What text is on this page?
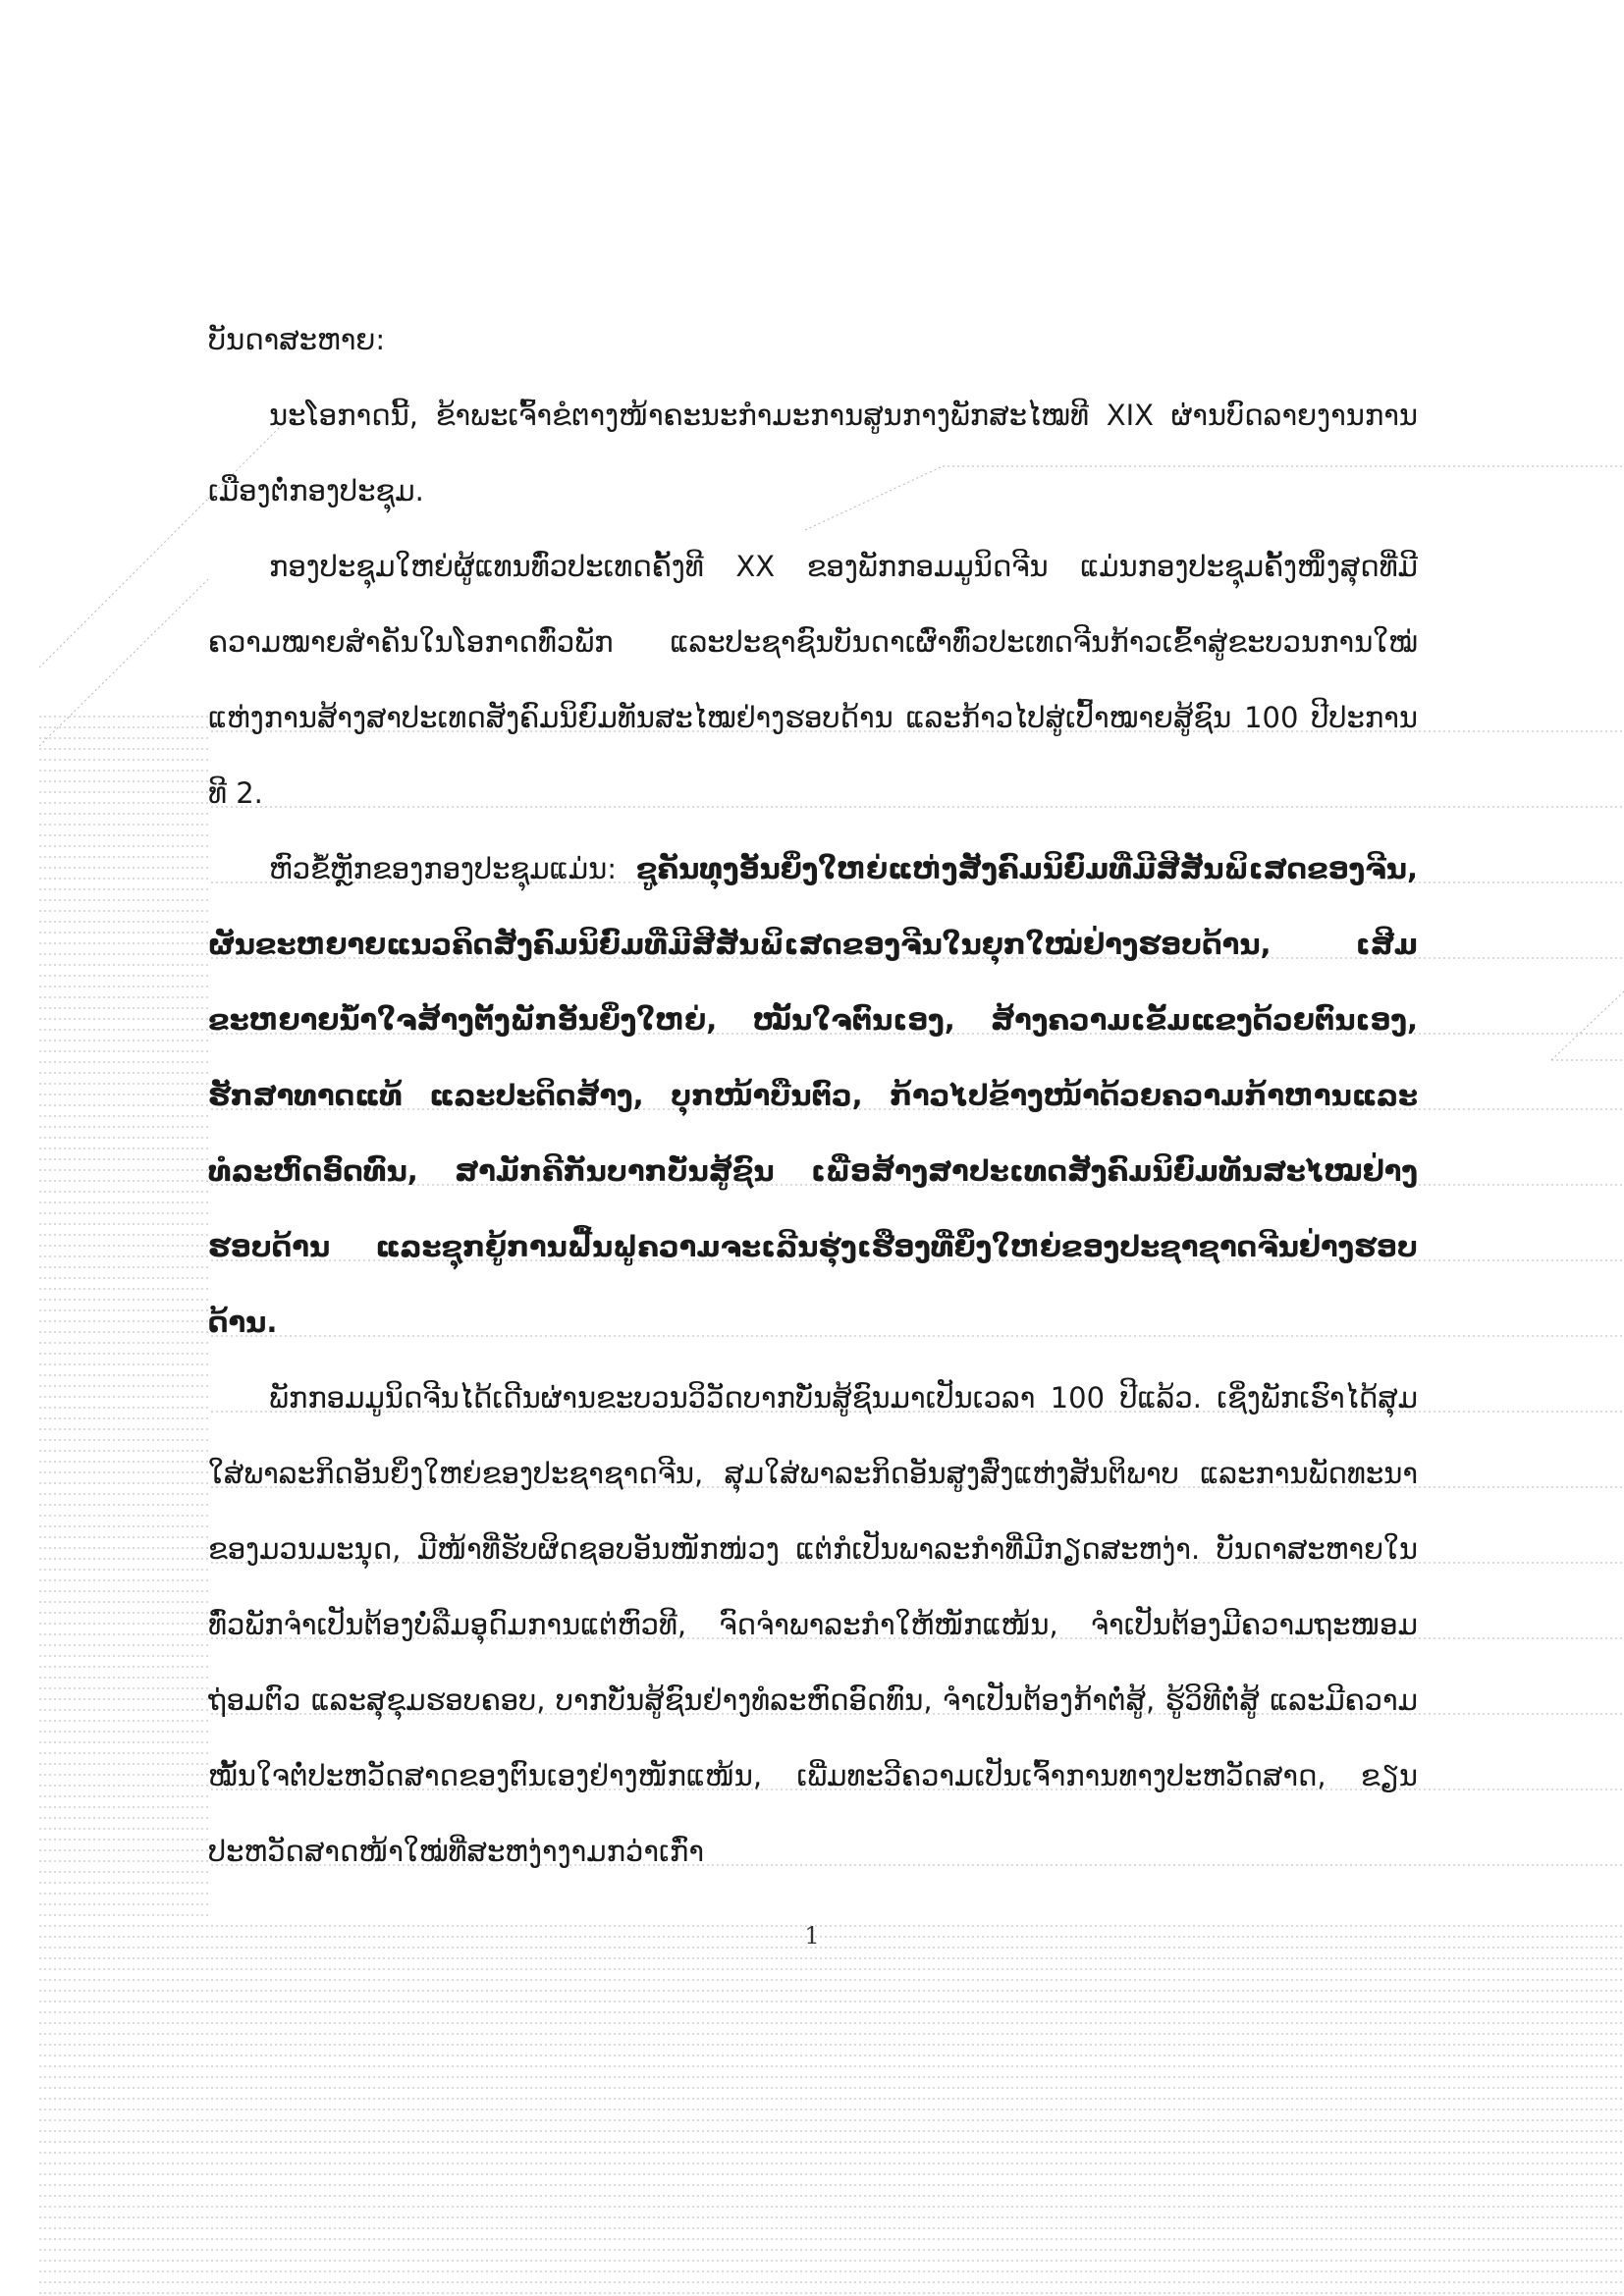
ບັນດາສະຫາຍ:

ນະໂອກາດນີ້, ຂ້າພະເຈົ້າຂໍຕາງໜ້າຄະນະກຳມະການສູນກາງພັກສະໄໝທີ XIX ຜ່ານບົດລາຍງານການເມືອງຕໍ່ກອງປະຊຸມ.

ກອງປະຊຸມໃຫຍ່ຜູ້ແທນທົ່ວປະເທດຄັ້ງທີ XX ຂອງພັກກອມມູນິດຈີນ ແມ່ນກອງປະຊຸມຄັ້ງໜຶ່ງສຸດທີ່ມີຄວາມໝາຍສຳຄັນໃນໂອກາດທົ່ວພັກ ແລະປະຊາຊົນບັນດາເຜົ່າທົ່ວປະເທດຈີນກ້າວເຂົ້າສູ່ຂະບວນການໃໝ່ແຫ່ງການສ້າງສາປະເທດສັງຄົມນິຍົມທັນສະໄໝຢ່າງຮອບດ້ານ ແລະກ້າວໄປສູ່ເປົ້າໝາຍສູ້ຊົນ 100 ປີປະການທີ 2.

ຫົວຂໍ້ຫຼັກຂອງກອງປະຊຸມແມ່ນ: ຊູຄັນທຸງອັນຍິ່ງໃຫຍ່ແຫ່ງສັງຄົມນິຍົມທີ່ມີສີສັນພິເສດຂອງຈີນ, ຜັນຂະຫຍາຍແນວຄິດສັງຄົມນິຍົມທີ່ມີສີສັນພິເສດຂອງຈີນໃນຍຸກໃໝ່ຢ່າງຮອບດ້ານ, ເສີມຂະຫຍາຍນ້ຳໃຈສ້າງຕັ້ງພັກອັນຍິ່ງໃຫຍ່, ໝັ້ນໃຈຕົນເອງ, ສ້າງຄວາມເຂັ້ມແຂງດ້ວຍຕົນເອງ, ຮັກສາທາດແທ້ ແລະປະດິດສ້າງ, ບຸກໜ້າບືນຕົວ, ກ້າວໄປຂ້າງໜ້າດ້ວຍຄວາມກ້າຫານແລະທໍລະຫົດອົດທົນ, ສາມັກຄີກັນບາກບັ່ນສູ້ຊົນ ເພື່ອສ້າງສາປະເທດສັງຄົມນິຍົມທັນສະໄໝຢ່າງຮອບດ້ານ ແລະຊຸກຍູ້ການຟື້ນຟູຄວາມຈະເລີນຮຸ່ງເຮືອງທີ່ຍິ່ງໃຫຍ່ຂອງປະຊາຊາດຈີນຢ່າງຮອບດ້ານ.

ພັກກອມມູນິດຈີນໄດ້ເດີນຜ່ານຂະບວນວິວັດບາກບັ່ນສູ້ຊົນມາເປັນເວລາ 100 ປີແລ້ວ. ເຊິ່ງພັກເຮົາໄດ້ສຸມໃສ່ພາລະກິດອັນຍິ່ງໃຫຍ່ຂອງປະຊາຊາດຈີນ, ສຸມໃສ່ພາລະກິດອັນສູງສົ່ງແຫ່ງສັນຕິພາບ ແລະການພັດທະນາຂອງມວນມະນຸດ, ມີໜ້າທີ່ຮັບຜິດຊອບອັນໜັກໜ່ວງ ແຕ່ກໍເປັນພາລະກຳທີ່ມີກຽດສະຫງ່າ. ບັນດາສະຫາຍໃນທົ່ວພັກຈຳເປັນຕ້ອງບໍ່ລືມອຸດົມການແຕ່ຫົວທີ, ຈົດຈຳພາລະກຳໃຫ້ໜັກແໜ້ນ, ຈຳເປັນຕ້ອງມີຄວາມຖະໜອມຖ່ອມຕົວ ແລະສຸຂຸມຮອບຄອບ, ບາກບັ່ນສູ້ຊົນຢ່າງທໍລະຫົດອົດທົນ, ຈຳເປັນຕ້ອງກ້າຕໍ່ສູ້, ຮູ້ວິທີຕໍ່ສູ້ ແລະມີຄວາມໝັ້ນໃຈຕໍ່ປະຫວັດສາດຂອງຕົນເອງຢ່າງໜັກແໜ້ນ, ເພີ່ມທະວີຄວາມເປັນເຈົ້າການທາງປະຫວັດສາດ, ຂຽນປະຫວັດສາດໜ້າໃໝ່ທີ່ສະຫງ່າງາມກວ່າເກົ່າ

1
